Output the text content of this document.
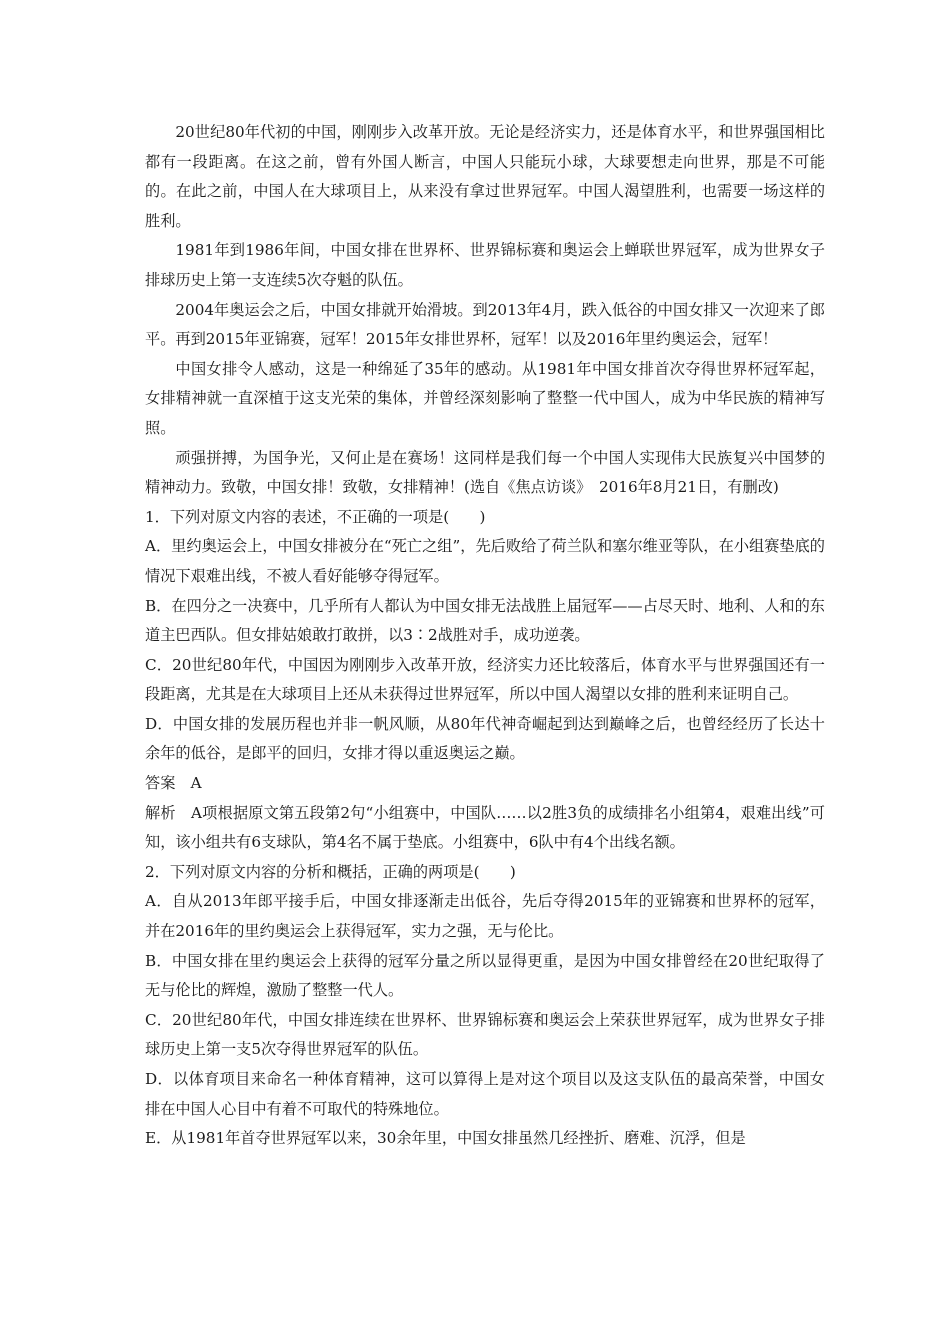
20世纪80年代初的中国，刚刚步入改革开放。无论是经济实力，还是体育水平，和世界强国相比都有一段距离。在这之前，曾有外国人断言，中国人只能玩小球，大球要想走向世界，那是不可能的。在此之前，中国人在大球项目上，从来没有拿过世界冠军。中国人渴望胜利，也需要一场这样的胜利。

1981年到1986年间，中国女排在世界杯、世界锦标赛和奥运会上蝉联世界冠军，成为世界女子排球历史上第一支连续5次夺魁的队伍。

2004年奥运会之后，中国女排就开始滑坡。到2013年4月，跌入低谷的中国女排又一次迎来了郎平。再到2015年亚锦赛，冠军！2015年女排世界杯，冠军！以及2016年里约奥运会，冠军！

中国女排令人感动，这是一种绵延了35年的感动。从1981年中国女排首次夺得世界杯冠军起，女排精神就一直深植于这支光荣的集体，并曾经深刻影响了整整一代中国人，成为中华民族的精神写照。

顽强拼搏，为国争光，又何止是在赛场！这同样是我们每一个中国人实现伟大民族复兴中国梦的精神动力。致敬，中国女排！致敬，女排精神！(选自《焦点访谈》　2016年8月21日，有删改)

1．下列对原文内容的表述，不正确的一项是(　　)

A．里约奥运会上，中国女排被分在“死亡之组”，先后败给了荷兰队和塞尔维亚等队，在小组赛垫底的情况下艰难出线，不被人看好能够夺得冠军。

B．在四分之一决赛中，几乎所有人都认为中国女排无法战胜上届冠军——占尽天时、地利、人和的东道主巴西队。但女排姑娘敢打敢拼，以3∶2战胜对手，成功逆袭。

C．20世纪80年代，中国因为刚刚步入改革开放，经济实力还比较落后，体育水平与世界强国还有一段距离，尤其是在大球项目上还从未获得过世界冠军，所以中国人渴望以女排的胜利来证明自己。

D．中国女排的发展历程也并非一帆风顺，从80年代神奇崛起到达到巅峰之后，也曾经经历了长达十余年的低谷，是郎平的回归，女排才得以重返奥运之巅。

答案　A

解析　A项根据原文第五段第2句“小组赛中，中国队……以2胜3负的成绩排名小组第4，艰难出线”可知，该小组共有6支球队，第4名不属于垫底。小组赛中，6队中有4个出线名额。

2．下列对原文内容的分析和概括，正确的两项是(　　)

A．自从2013年郎平接手后，中国女排逐渐走出低谷，先后夺得2015年的亚锦赛和世界杯的冠军，并在2016年的里约奥运会上获得冠军，实力之强，无与伦比。

B．中国女排在里约奥运会上获得的冠军分量之所以显得更重，是因为中国女排曾经在20世纪取得了无与伦比的辉煌，激励了整整一代人。

C．20世纪80年代，中国女排连续在世界杯、世界锦标赛和奥运会上荣获世界冠军，成为世界女子排球历史上第一支5次夺得世界冠军的队伍。

D．以体育项目来命名一种体育精神，这可以算得上是对这个项目以及这支队伍的最高荣誉，中国女排在中国人心目中有着不可取代的特殊地位。

E．从1981年首夺世界冠军以来，30余年里，中国女排虽然几经挫折、磨难、沉浮，但是
